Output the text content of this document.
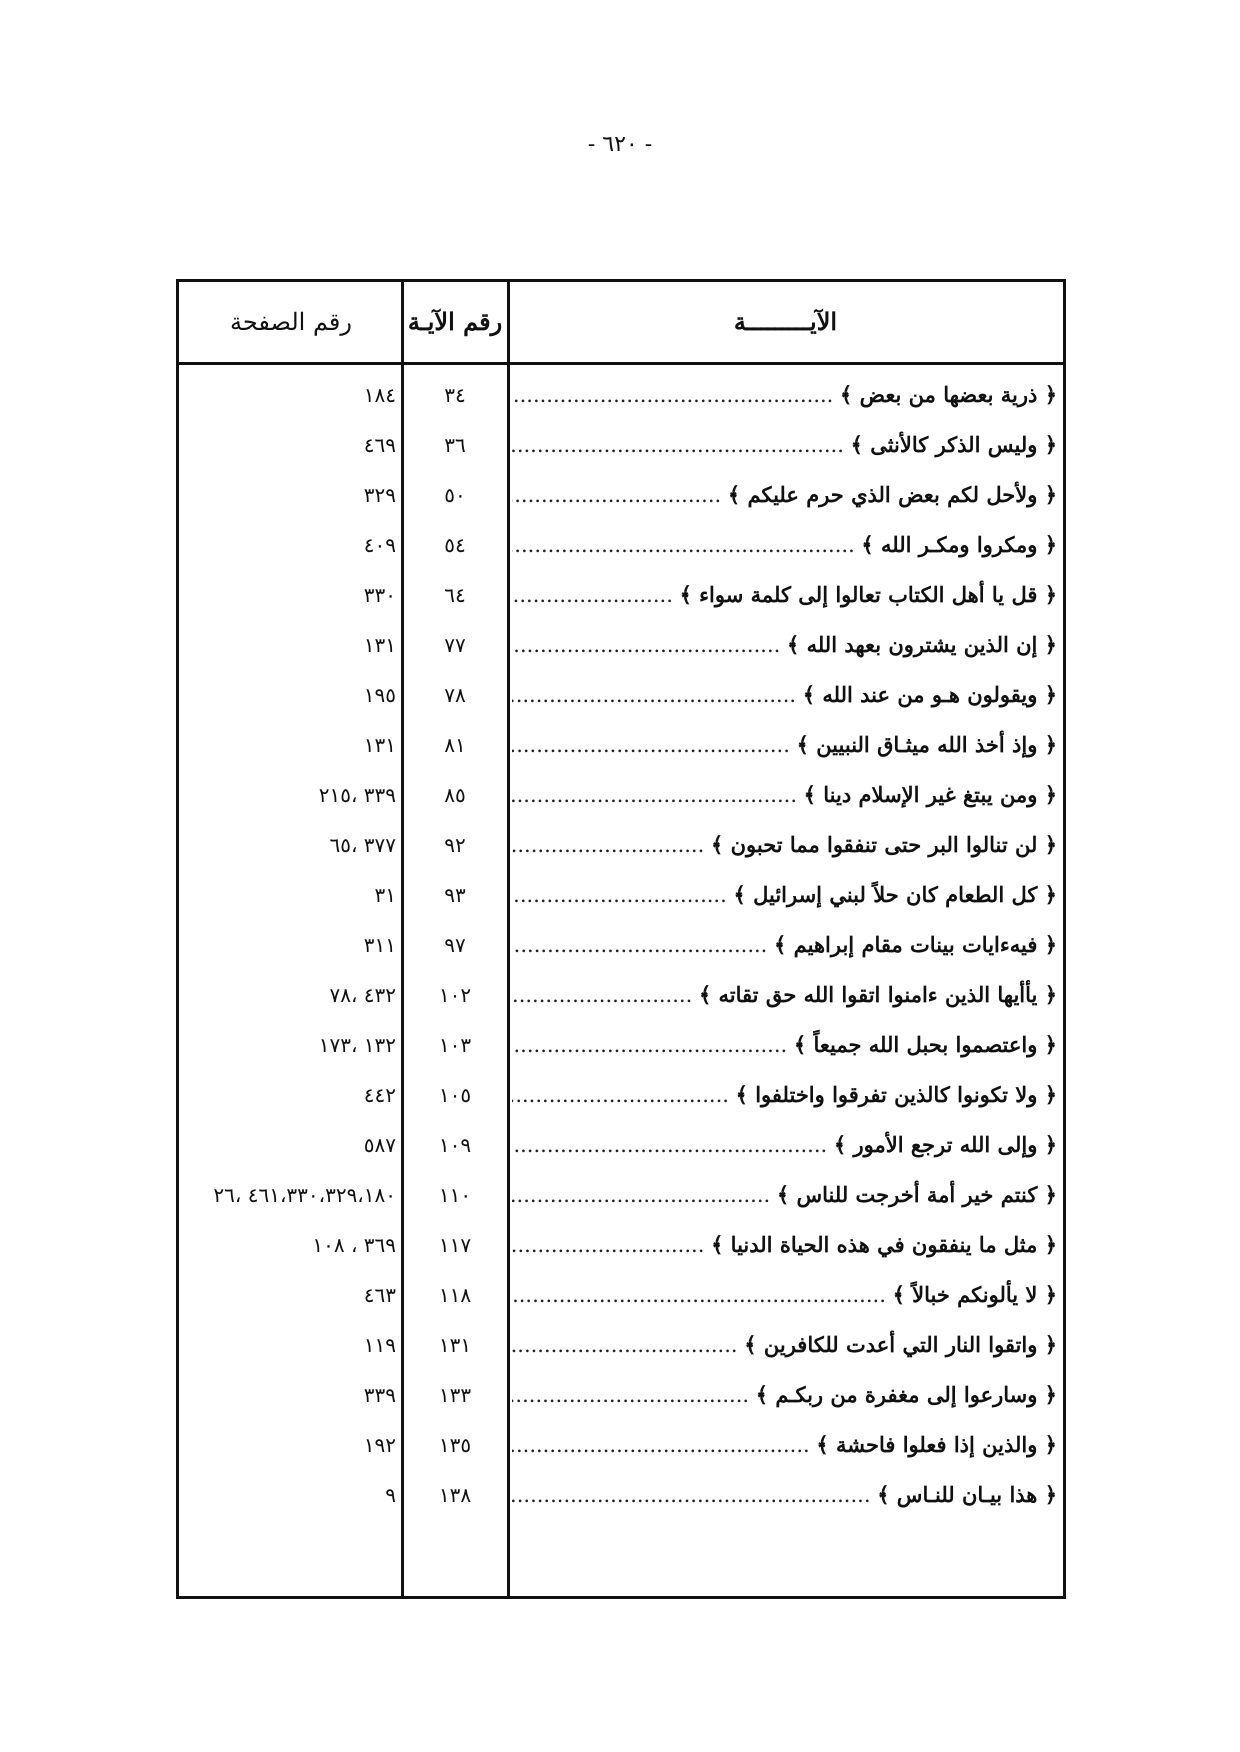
- ٦٢٠ -
الآيـــــــــة
رقم الآيـة
رقم الصفحة
﴿ ذرية بعضها من بعض ﴾ .....
٣٤
١٨٤
﴿ وليس الذكر كالأنثى ﴾ .....
٣٦
٤٦٩
﴿ ولأحل لكم بعض الذي حرم عليكم ﴾ .....
٥٠
٣٢٩
﴿ ومكروا ومكـر الله ﴾ .....
٥٤
٤٠٩
﴿ قل يا أهل الكتاب تعالوا إلى كلمة سواء ﴾ .....
٦٤
٣٣٠
﴿ إن الذين يشترون بعهد الله ﴾ .....
٧٧
١٣١
﴿ ويقولون هـو من عند الله ﴾ .....
٧٨
١٩٥
﴿ وإذ أخذ الله ميثـاق النبيين ﴾ .....
٨١
١٣١
﴿ ومن يبتغ غير الإسلام دينا ﴾ .....
٨٥
٣٣٩ ،٢١٥
﴿ لن تنالوا البر حتى تنفقوا مما تحبون ﴾ .....
٩٢
٣٧٧ ،٦٥
﴿ كل الطعام كان حلاً لبني إسرائيل ﴾ .....
٩٣
٣١
﴿ فيهءايات بينات مقام إبراهيم ﴾ .....
٩٧
٣١١
﴿ يأأيها الذين ءامنوا اتقوا الله حق تقاته ﴾ .....
١٠٢
٤٣٢ ،٧٨
﴿ واعتصموا بحبل الله جميعاً ﴾ .....
١٠٣
١٣٢ ،١٧٣
﴿ ولا تكونوا كالذين تفرقوا واختلفوا ﴾ .....
١٠٥
٤٤٢
﴿ وإلى الله ترجع الأمور ﴾ .....
١٠٩
٥٨٧
﴿ كنتم خير أمة أخرجت للناس ﴾ .....
١١٠
٤٦١،٣٣٠،٣٢٩،١٨٠ ،٢٦
﴿ مثل ما ينفقون في هذه الحياة الدنيا ﴾ .....
١١٧
٣٦٩ ، ١٠٨
﴿ لا يألونكم خبالاً ﴾ .....
١١٨
٤٦٣
﴿ واتقوا النار التي أعدت للكافرين ﴾ .....
١٣١
١١٩
﴿ وسارعوا إلى مغفرة من ربكـم ﴾ .....
١٣٣
٣٣٩
﴿ والذين إذا فعلوا فاحشة ﴾ .....
١٣٥
١٩٢
﴿ هذا بيـان للنـاس ﴾ .....
١٣٨
٩
